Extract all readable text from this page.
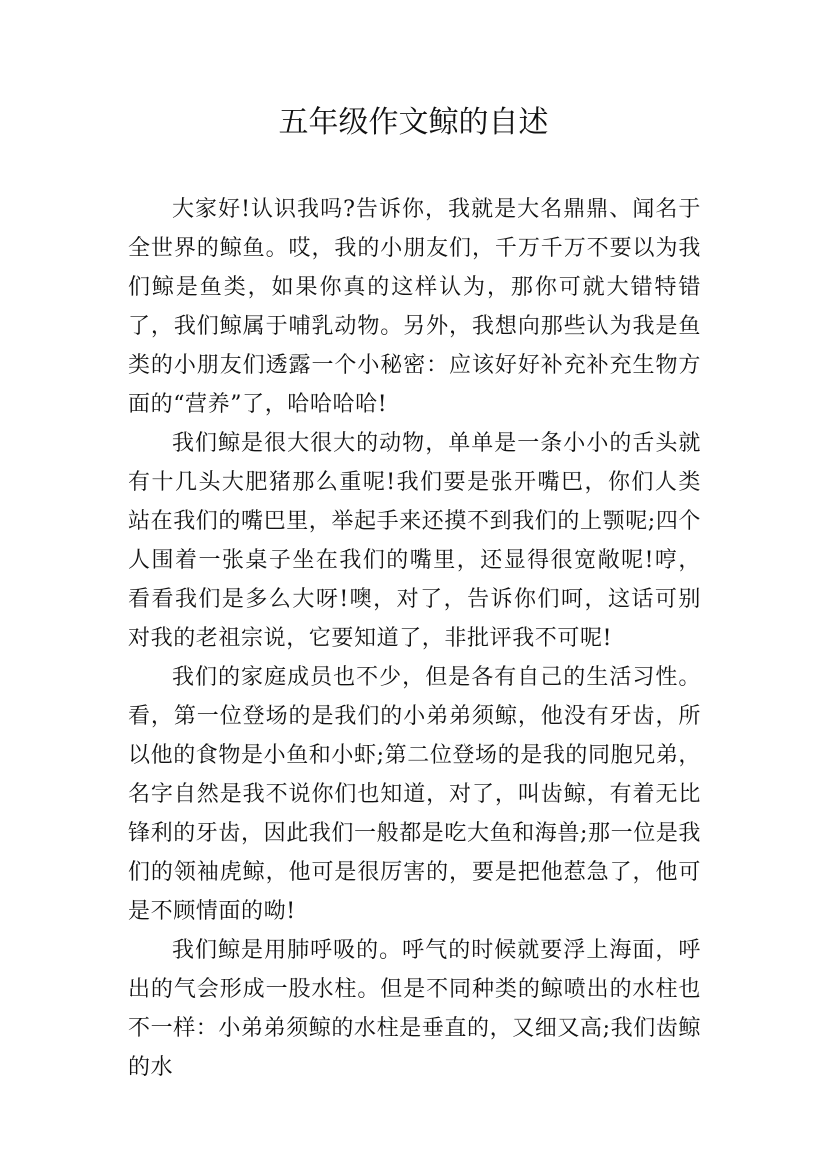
五年级作文鲸的自述

大家好!认识我吗?告诉你，我就是大名鼎鼎、闻名于全世界的鲸鱼。哎，我的小朋友们，千万千万不要以为我们鲸是鱼类，如果你真的这样认为，那你可就大错特错了，我们鲸属于哺乳动物。另外，我想向那些认为我是鱼类的小朋友们透露一个小秘密：应该好好补充补充生物方面的“营养”了，哈哈哈哈!

我们鲸是很大很大的动物，单单是一条小小的舌头就有十几头大肥猪那么重呢!我们要是张开嘴巴，你们人类站在我们的嘴巴里，举起手来还摸不到我们的上颚呢;四个人围着一张桌子坐在我们的嘴里，还显得很宽敞呢!哼，看看我们是多么大呀!噢，对了，告诉你们呵，这话可别对我的老祖宗说，它要知道了，非批评我不可呢!

我们的家庭成员也不少，但是各有自己的生活习性。看，第一位登场的是我们的小弟弟须鲸，他没有牙齿，所以他的食物是小鱼和小虾;第二位登场的是我的同胞兄弟，名字自然是我不说你们也知道，对了，叫齿鲸，有着无比锋利的牙齿，因此我们一般都是吃大鱼和海兽;那一位是我们的领袖虎鲸，他可是很厉害的，要是把他惹急了，他可是不顾情面的呦!

我们鲸是用肺呼吸的。呼气的时候就要浮上海面，呼出的气会形成一股水柱。但是不同种类的鲸喷出的水柱也不一样：小弟弟须鲸的水柱是垂直的，又细又高;我们齿鲸的水
